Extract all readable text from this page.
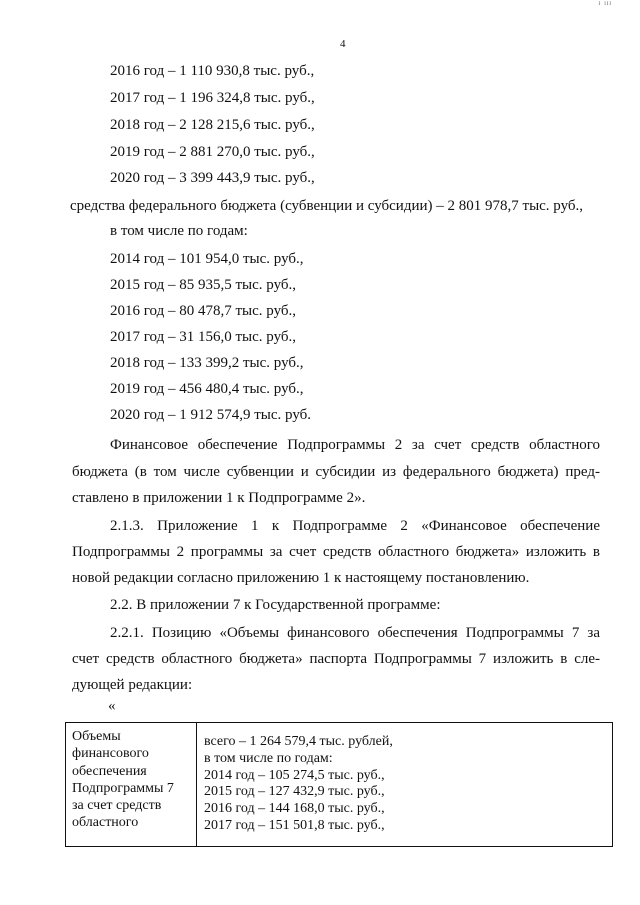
ᴵ ᴵᴵᴵ
4
2016 год – 1 110 930,8 тыс. руб.,
2017 год – 1 196 324,8 тыс. руб.,
2018 год – 2 128 215,6 тыс. руб.,
2019 год – 2 881 270,0 тыс. руб.,
2020 год – 3 399 443,9 тыс. руб.,
средства федерального бюджета (субвенции и субсидии) – 2 801 978,7 тыс. руб.,
в том числе по годам:
2014 год – 101 954,0 тыс. руб.,
2015 год – 85 935,5 тыс. руб.,
2016 год – 80 478,7 тыс. руб.,
2017 год – 31 156,0 тыс. руб.,
2018 год – 133 399,2 тыс. руб.,
2019 год – 456 480,4 тыс. руб.,
2020 год – 1 912 574,9 тыс. руб.
Финансовое обеспечение Подпрограммы 2 за счет средств областного
бюджета (в том числе субвенции и субсидии из федерального бюджета) пред-
ставлено в приложении 1 к Подпрограмме 2».
2.1.3. Приложение 1 к Подпрограмме 2 «Финансовое обеспечение
Подпрограммы 2 программы за счет средств областного бюджета» изложить в
новой редакции согласно приложению 1 к настоящему постановлению.
2.2. В приложении 7 к Государственной программе:
2.2.1. Позицию «Объемы финансового обеспечения Подпрограммы 7 за
счет средств областного бюджета» паспорта Подпрограммы 7 изложить в сле-
дующей редакции:
«
Объемы
финансового
обеспечения
Подпрограммы 7
за счет средств
областного
всего – 1 264 579,4 тыс. рублей,
в том числе по годам:
2014 год – 105 274,5 тыс. руб.,
2015 год – 127 432,9 тыс. руб.,
2016 год – 144 168,0 тыс. руб.,
2017 год – 151 501,8 тыс. руб.,
